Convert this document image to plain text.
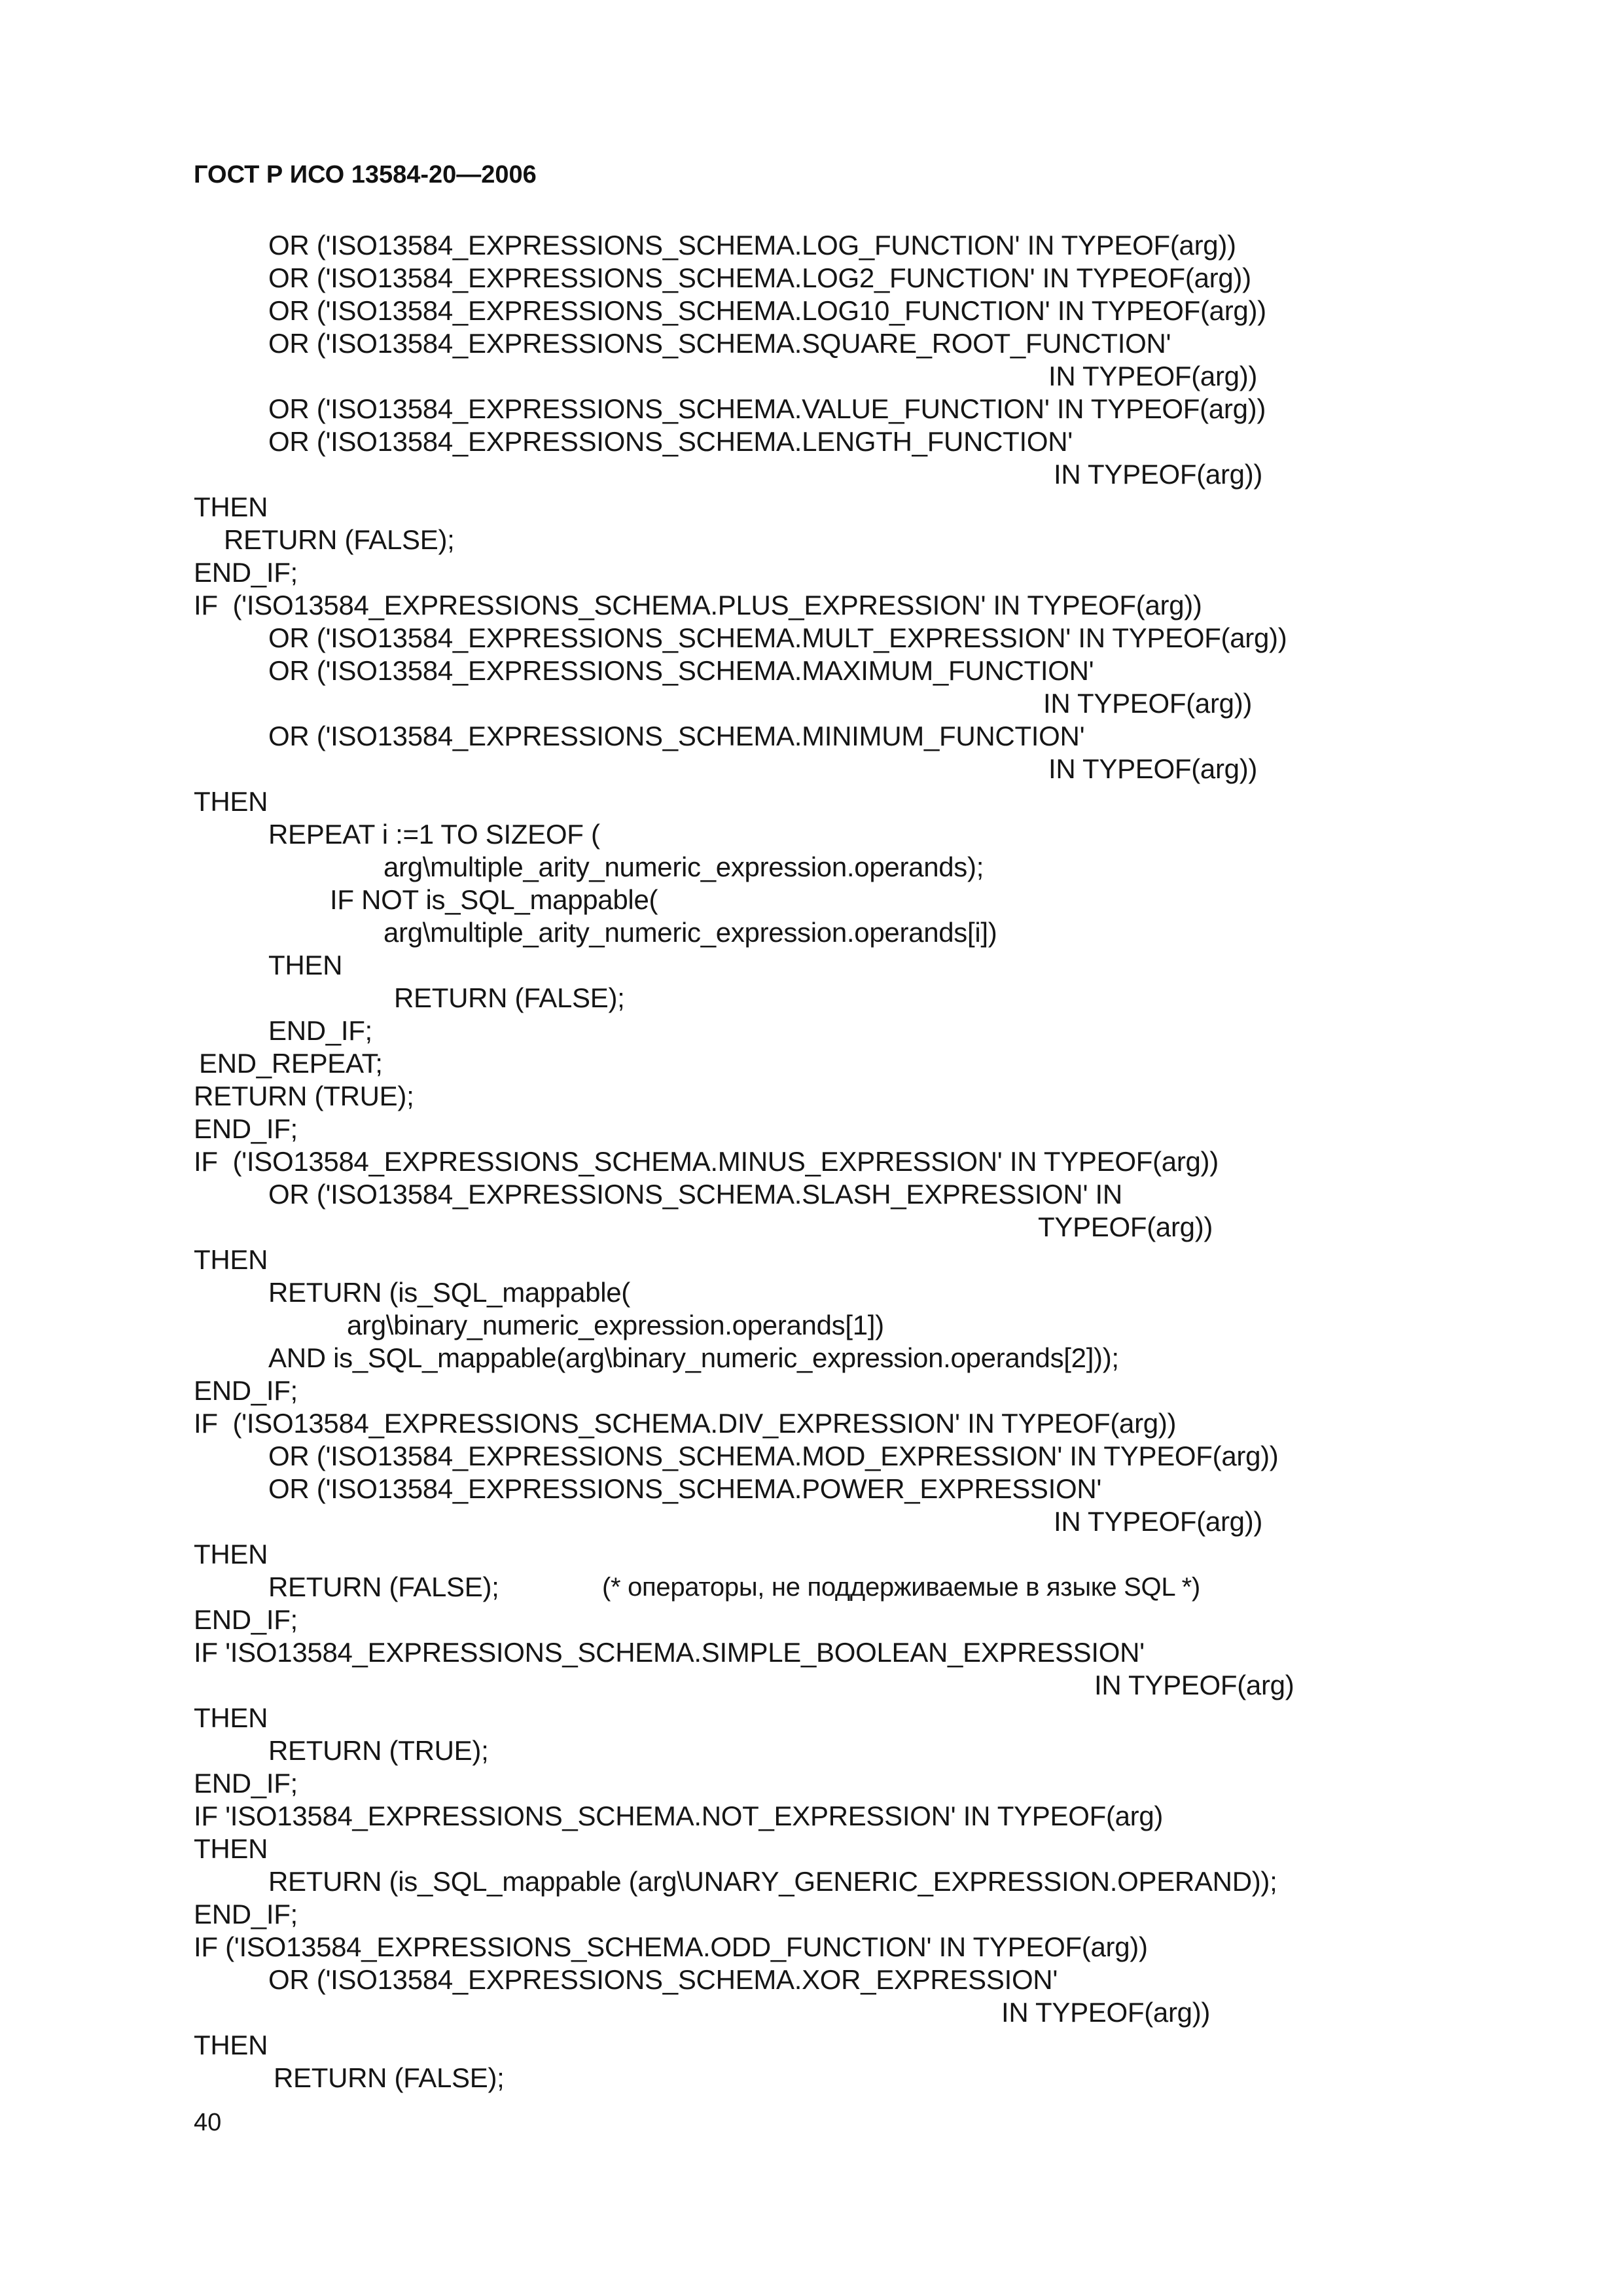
ГОСТ Р ИСО 13584-20—2006
OR ('ISO13584_EXPRESSIONS_SCHEMA.LOG_FUNCTION' IN TYPEOF(arg))
OR ('ISO13584_EXPRESSIONS_SCHEMA.LOG2_FUNCTION' IN TYPEOF(arg))
OR ('ISO13584_EXPRESSIONS_SCHEMA.LOG10_FUNCTION' IN TYPEOF(arg))
OR ('ISO13584_EXPRESSIONS_SCHEMA.SQUARE_ROOT_FUNCTION'
IN TYPEOF(arg))
OR ('ISO13584_EXPRESSIONS_SCHEMA.VALUE_FUNCTION' IN TYPEOF(arg))
OR ('ISO13584_EXPRESSIONS_SCHEMA.LENGTH_FUNCTION'
IN TYPEOF(arg))
THEN
RETURN (FALSE);
END_IF;
IF  ('ISO13584_EXPRESSIONS_SCHEMA.PLUS_EXPRESSION' IN TYPEOF(arg))
OR ('ISO13584_EXPRESSIONS_SCHEMA.MULT_EXPRESSION' IN TYPEOF(arg))
OR ('ISO13584_EXPRESSIONS_SCHEMA.MAXIMUM_FUNCTION'
IN TYPEOF(arg))
OR ('ISO13584_EXPRESSIONS_SCHEMA.MINIMUM_FUNCTION'
IN TYPEOF(arg))
THEN
REPEAT i :=1 TO SIZEOF (
arg\multiple_arity_numeric_expression.operands);
IF NOT is_SQL_mappable(
arg\multiple_arity_numeric_expression.operands[i])
THEN
RETURN (FALSE);
END_IF;
END_REPEAT;
RETURN (TRUE);
END_IF;
IF  ('ISO13584_EXPRESSIONS_SCHEMA.MINUS_EXPRESSION' IN TYPEOF(arg))
OR ('ISO13584_EXPRESSIONS_SCHEMA.SLASH_EXPRESSION' IN
TYPEOF(arg))
THEN
RETURN (is_SQL_mappable(
arg\binary_numeric_expression.operands[1])
AND is_SQL_mappable(arg\binary_numeric_expression.operands[2]));
END_IF;
IF  ('ISO13584_EXPRESSIONS_SCHEMA.DIV_EXPRESSION' IN TYPEOF(arg))
OR ('ISO13584_EXPRESSIONS_SCHEMA.MOD_EXPRESSION' IN TYPEOF(arg))
OR ('ISO13584_EXPRESSIONS_SCHEMA.POWER_EXPRESSION'
IN TYPEOF(arg))
THEN
RETURN (FALSE);	(* операторы, не поддерживаемые в языке SQL *)
END_IF;
IF 'ISO13584_EXPRESSIONS_SCHEMA.SIMPLE_BOOLEAN_EXPRESSION'
IN TYPEOF(arg)
THEN
RETURN (TRUE);
END_IF;
IF 'ISO13584_EXPRESSIONS_SCHEMA.NOT_EXPRESSION' IN TYPEOF(arg)
THEN
RETURN (is_SQL_mappable (arg\UNARY_GENERIC_EXPRESSION.OPERAND));
END_IF;
IF ('ISO13584_EXPRESSIONS_SCHEMA.ODD_FUNCTION' IN TYPEOF(arg))
OR ('ISO13584_EXPRESSIONS_SCHEMA.XOR_EXPRESSION'
IN TYPEOF(arg))
THEN
RETURN (FALSE);
40
